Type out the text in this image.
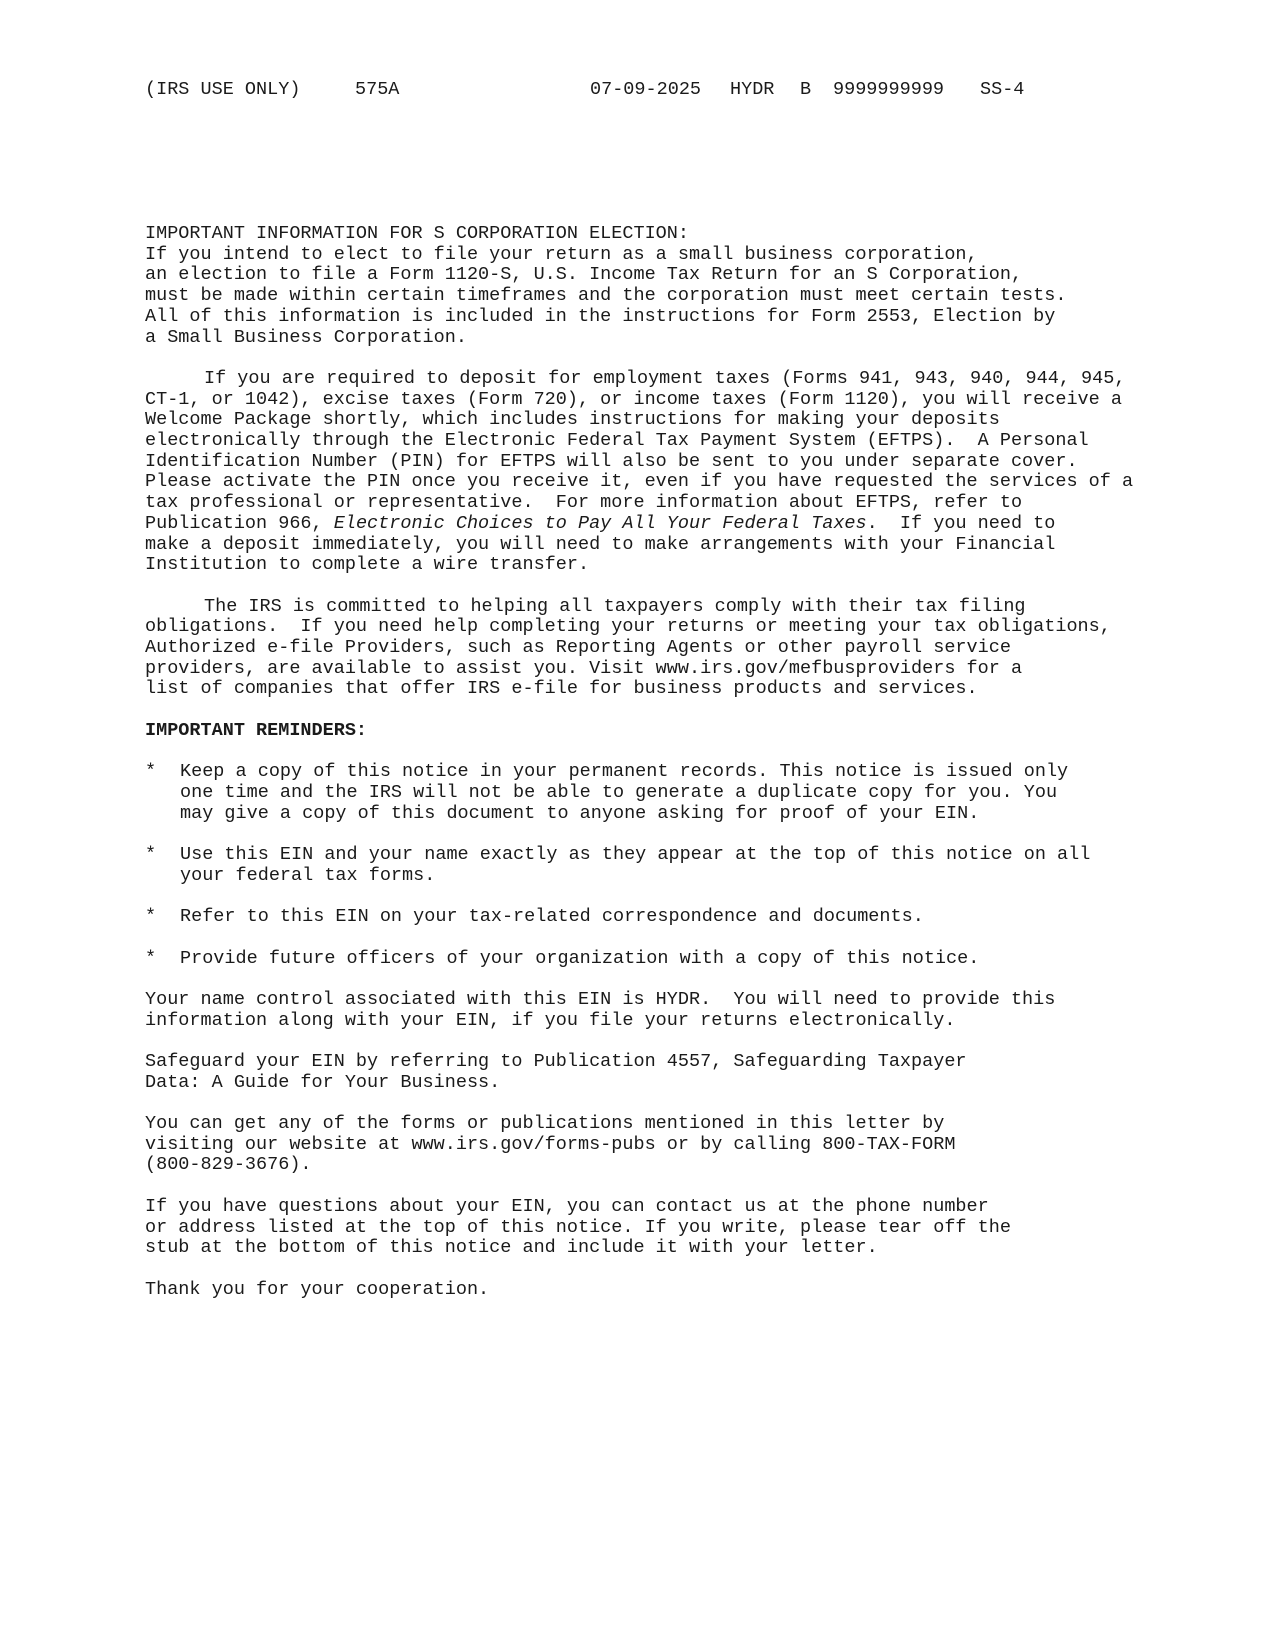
(IRS USE ONLY)

	575A

	07-09-2025

HYDR

B

9999999999

SS-4

IMPORTANT INFORMATION FOR S CORPORATION ELECTION:
If you intend to elect to file your return as a small business corporation,
an election to file a Form 1120-S, U.S. Income Tax Return for an S Corporation,
must be made within certain timeframes and the corporation must meet certain tests.
All of this information is included in the instructions for Form 2553, Election by
a Small Business Corporation.
If you are required to deposit for employment taxes (Forms 941, 943, 940, 944, 945,
CT-1, or 1042), excise taxes (Form 720), or income taxes (Form 1120), you will receive a
Welcome Package shortly, which includes instructions for making your deposits
electronically through the Electronic Federal Tax Payment System (EFTPS).  A Personal
Identification Number (PIN) for EFTPS will also be sent to you under separate cover.
Please activate the PIN once you receive it, even if you have requested the services of a
tax professional or representative.  For more information about EFTPS, refer to
Publication 966, Electronic Choices to Pay All Your Federal Taxes.  If you need to
make a deposit immediately, you will need to make arrangements with your Financial
Institution to complete a wire transfer.
The IRS is committed to helping all taxpayers comply with their tax filing
obligations.  If you need help completing your returns or meeting your tax obligations,
Authorized e-file Providers, such as Reporting Agents or other payroll service
providers, are available to assist you. Visit www.irs.gov/mefbusproviders for a
list of companies that offer IRS e-file for business products and services.
IMPORTANT REMINDERS:
*	Keep a copy of this notice in your permanent records. This notice is issued only
one time and the IRS will not be able to generate a duplicate copy for you. You
may give a copy of this document to anyone asking for proof of your EIN.
*	Use this EIN and your name exactly as they appear at the top of this notice on all
your federal tax forms.
*	Refer to this EIN on your tax-related correspondence and documents.
*	Provide future officers of your organization with a copy of this notice.
Your name control associated with this EIN is HYDR.  You will need to provide this
information along with your EIN, if you file your returns electronically.
Safeguard your EIN by referring to Publication 4557, Safeguarding Taxpayer
Data: A Guide for Your Business.
You can get any of the forms or publications mentioned in this letter by
visiting our website at www.irs.gov/forms-pubs or by calling 800-TAX-FORM
(800-829-3676).
If you have questions about your EIN, you can contact us at the phone number
or address listed at the top of this notice. If you write, please tear off the
stub at the bottom of this notice and include it with your letter.
Thank you for your cooperation.
